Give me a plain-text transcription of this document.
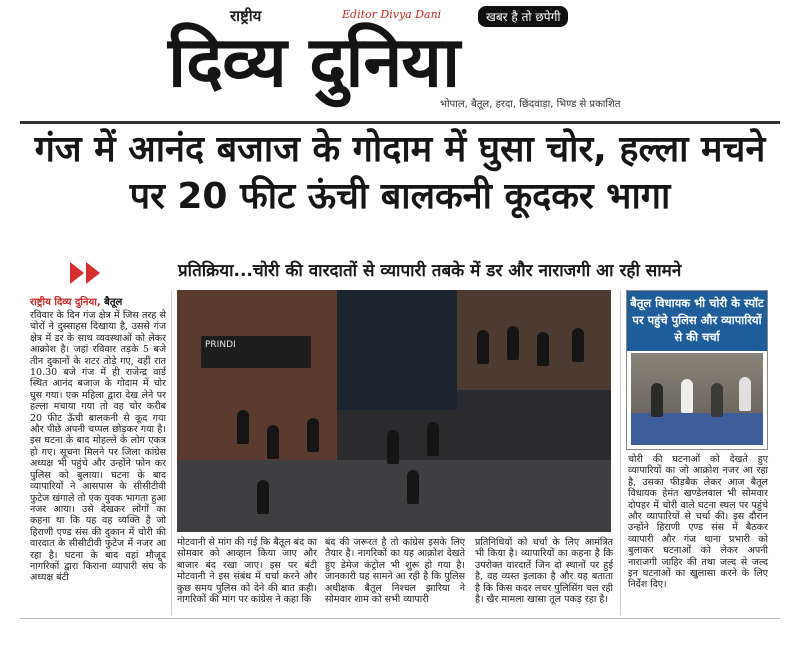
राष्ट्रीय	Editor Divya Dani	खबर है तो छपेगी
दिव्य दुनिया
भोपाल, बैतूल, हरदा, छिंदवाड़ा, भिण्ड से प्रकाशित
गंज में आनंद बजाज के गोदाम में घुसा चोर, हल्ला मचने पर 20 फीट ऊंची बालकनी कूदकर भागा
प्रतिक्रिया...चोरी की वारदातों से व्यापारी तबके में डर और नाराजगी आ रही सामने
राष्ट्रीय दिव्य दुनिया, बैतूल
रविवार के दिन गंज क्षेत्र में जिस तरह से चोरों ने दुस्साहस दिखाया है, उससे गंज क्षेत्र में डर के साथ व्यवस्थाओं को लेकर आक्रोश है। जहां रविवार तड़के 5 बजे तीन दुकानों के शटर तोड़े गए, वहीं रात 10.30 बजे गंज में ही राजेन्द्र वार्ड स्थित आनंद बजाज के गोदाम में चोर घुस गया। एक महिला द्वारा देख लेने पर हल्ला मचाया गया तो वह चोर करीब 20 फीट ऊँची बालकनी से कूद गया और पीछे अपनी चप्पल छोड़कर गया है। इस घटना के बाद मोहल्ले के लोग एकत्र हो गए। सूचना मिलने पर जिला कांग्रेस अध्यक्ष भी पहुंचे और उन्होंने फोन कर पुलिस को बुलाया। घटना के बाद व्यापारियों ने आसपास के सीसीटीवी फुटेज खंगाले तो एक युवक भागता हुआ नजर आया। उसे देखकर लोगों का कहना था कि यह वह व्यक्ति है जो हिराणी एण्ड संस की दुकान में चोरी की वारदात के सीसीटीवी फुटेज में नजर आ रहा है। घटना के बाद वहां मौजूद नागरिकों द्वारा किराना व्यापारी संघ के अध्यक्ष बंटी
PRINDI
मोटवानी से मांग की गई कि बैतूल बंद का सोमवार को आव्हान किया जाए और बाजार बंद रखा जाए। इस पर बंटी मोटवानी ने इस संबंध में चर्चा करने और कुछ समय पुलिस को देने की बात कही। नागरिकों की मांग पर कांग्रेस ने कहा कि
बंद की जरूरत है तो कांग्रेस इसके लिए तैयार है। नागरिकों का यह आक्रोश देखते हुए डेमेज कंट्रोल भी शुरू हो गया है। जानकारी यह सामने आ रही है कि पुलिस अधीक्षक बैतूल निश्चल झारिया ने सोमवार शाम को सभी व्यापारी
प्रतिनिधियों को चर्चा के लिए आमंत्रित भी किया है। व्यापारियों का कहना है कि उपरोक्त वारदातें जिन दो स्थानों पर हुई है, वह व्यस्त इलाका है और यह बताता है कि किस कदर लचर पुलिसिंग चल रही है। खैर मामला खासा तूल पकड़ रहा है।
बैतूल विधायक भी चोरी के स्पॉट पर पहुंचे पुलिस और व्यापारियों से की चर्चा
चोरी की घटनाओं को देखते हुए व्यापारियों का जो आक्रोश नजर आ रहा है, उसका फीडबैक लेकर आज बैतूल विधायक हेमंत खण्डेलवाल भी सोमवार दोपहर में चोरी वाले घटना स्थल पर पहुंचे और व्यापारियों से चर्चा की। इस दौरान उन्होंने हिराणी एण्ड संस में बैठकर व्यापारी और गंज थाना प्रभारी को बुलाकर घटनाओं को लेकर अपनी नाराजगी जाहिर की तथा जल्द से जल्द इन घटनाओं का खुलासा करने के लिए निर्देश दिए।
